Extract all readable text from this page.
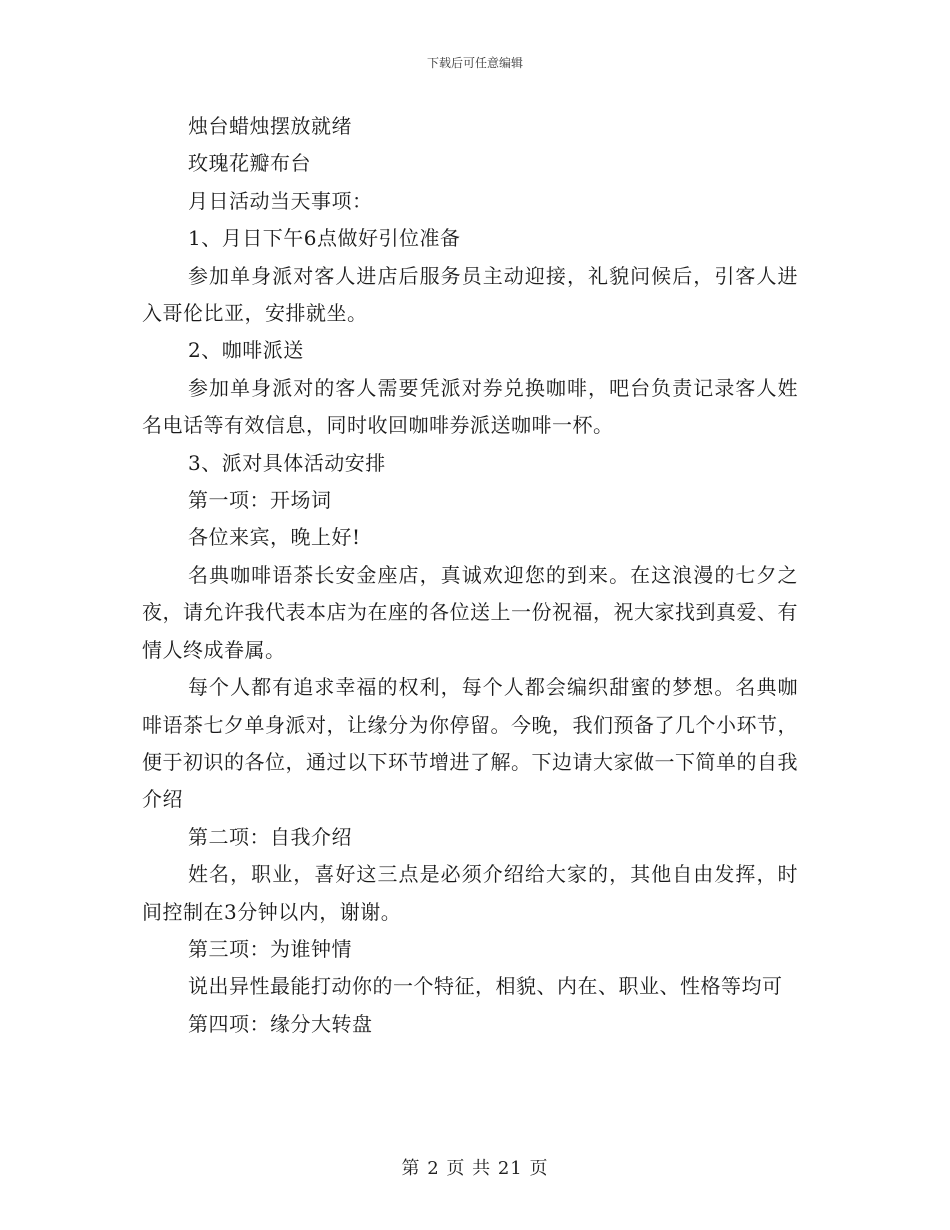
下载后可任意编辑

烛台蜡烛摆放就绪

玫瑰花瓣布台

月日活动当天事项：

1、月日下午6点做好引位准备

参加单身派对客人进店后服务员主动迎接，礼貌问候后，引客人进入哥伦比亚，安排就坐。

2、咖啡派送

参加单身派对的客人需要凭派对券兑换咖啡，吧台负责记录客人姓名电话等有效信息，同时收回咖啡券派送咖啡一杯。

3、派对具体活动安排

第一项：开场词

各位来宾，晚上好!

名典咖啡语茶长安金座店，真诚欢迎您的到来。在这浪漫的七夕之夜，请允许我代表本店为在座的各位送上一份祝福，祝大家找到真爱、有情人终成眷属。

每个人都有追求幸福的权利，每个人都会编织甜蜜的梦想。名典咖啡语茶七夕单身派对，让缘分为你停留。今晚，我们预备了几个小环节，便于初识的各位，通过以下环节增进了解。下边请大家做一下简单的自我介绍

第二项：自我介绍

姓名，职业，喜好这三点是必须介绍给大家的，其他自由发挥，时间控制在3分钟以内，谢谢。

第三项：为谁钟情

说出异性最能打动你的一个特征，相貌、内在、职业、性格等均可

第四项：缘分大转盘

第 2 页 共 21 页
